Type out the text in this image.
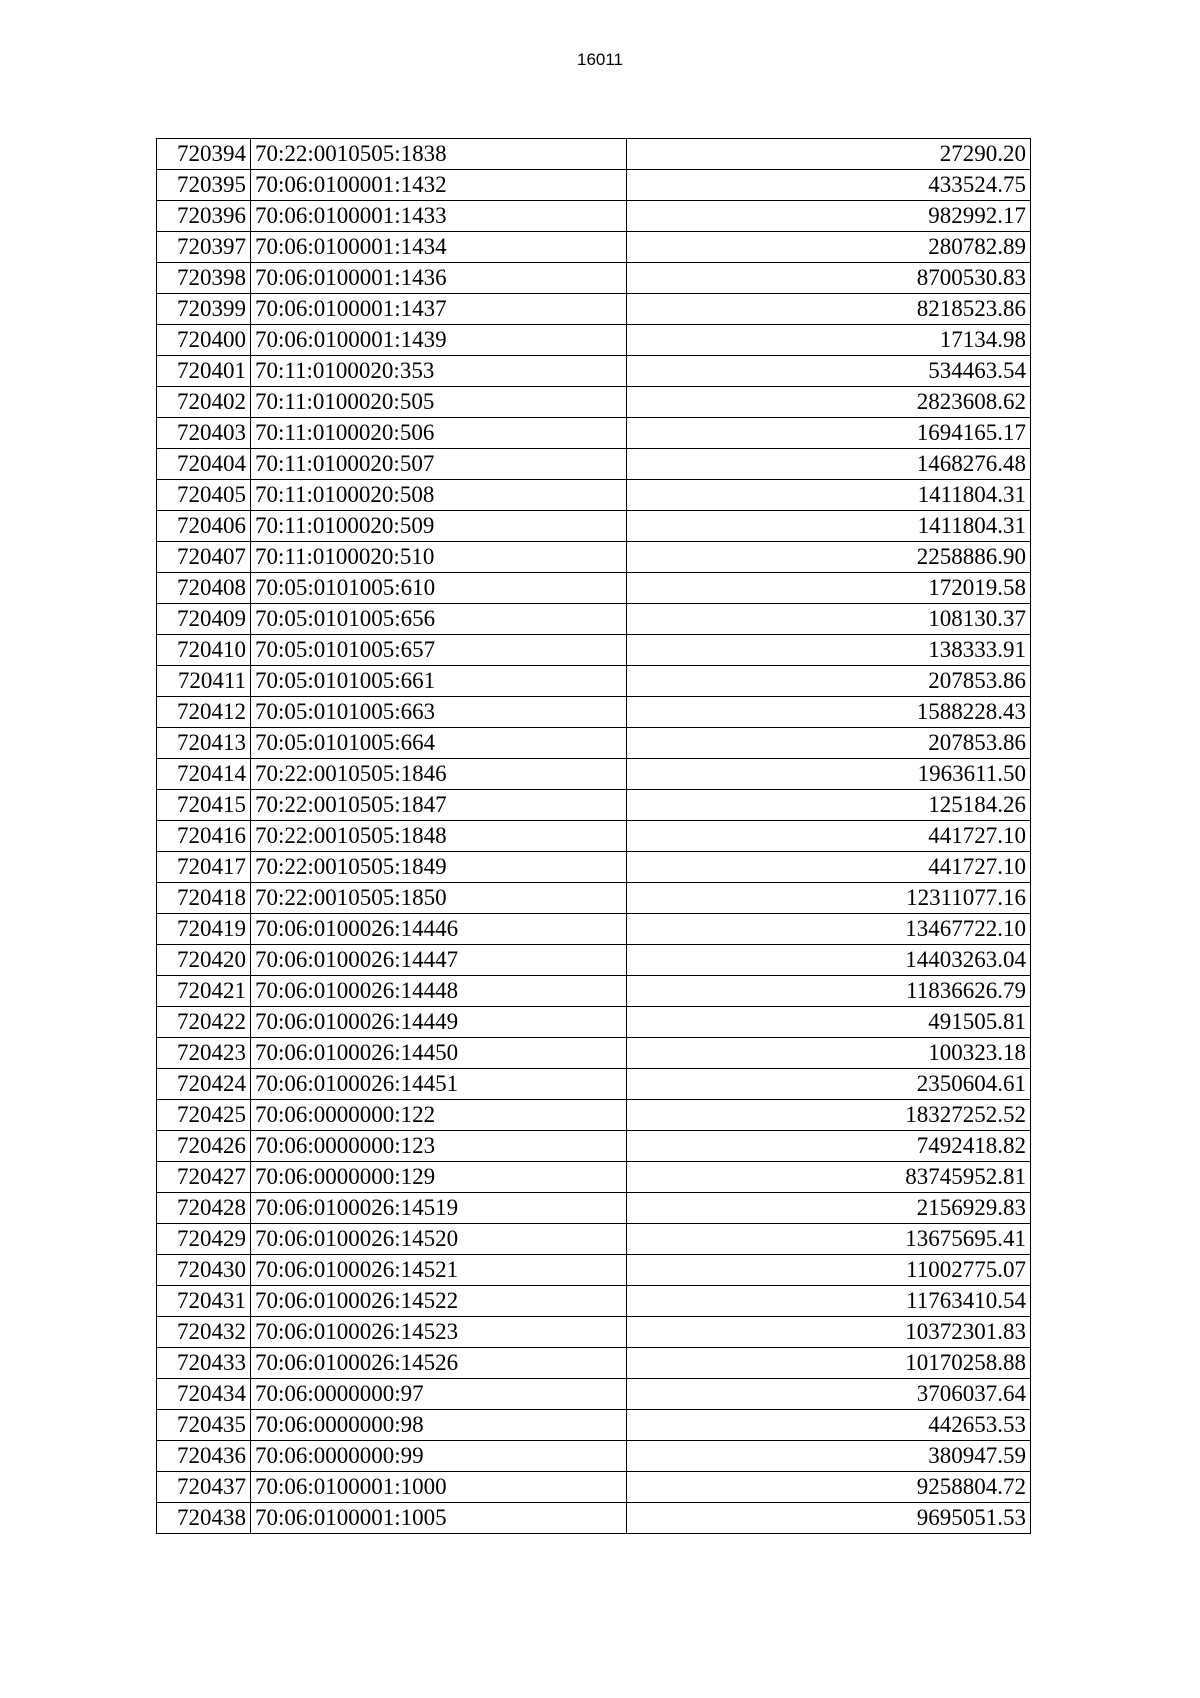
16011
720394	70:22:0010505:1838	27290.20
720395	70:06:0100001:1432	433524.75
720396	70:06:0100001:1433	982992.17
720397	70:06:0100001:1434	280782.89
720398	70:06:0100001:1436	8700530.83
720399	70:06:0100001:1437	8218523.86
720400	70:06:0100001:1439	17134.98
720401	70:11:0100020:353	534463.54
720402	70:11:0100020:505	2823608.62
720403	70:11:0100020:506	1694165.17
720404	70:11:0100020:507	1468276.48
720405	70:11:0100020:508	1411804.31
720406	70:11:0100020:509	1411804.31
720407	70:11:0100020:510	2258886.90
720408	70:05:0101005:610	172019.58
720409	70:05:0101005:656	108130.37
720410	70:05:0101005:657	138333.91
720411	70:05:0101005:661	207853.86
720412	70:05:0101005:663	1588228.43
720413	70:05:0101005:664	207853.86
720414	70:22:0010505:1846	1963611.50
720415	70:22:0010505:1847	125184.26
720416	70:22:0010505:1848	441727.10
720417	70:22:0010505:1849	441727.10
720418	70:22:0010505:1850	12311077.16
720419	70:06:0100026:14446	13467722.10
720420	70:06:0100026:14447	14403263.04
720421	70:06:0100026:14448	11836626.79
720422	70:06:0100026:14449	491505.81
720423	70:06:0100026:14450	100323.18
720424	70:06:0100026:14451	2350604.61
720425	70:06:0000000:122	18327252.52
720426	70:06:0000000:123	7492418.82
720427	70:06:0000000:129	83745952.81
720428	70:06:0100026:14519	2156929.83
720429	70:06:0100026:14520	13675695.41
720430	70:06:0100026:14521	11002775.07
720431	70:06:0100026:14522	11763410.54
720432	70:06:0100026:14523	10372301.83
720433	70:06:0100026:14526	10170258.88
720434	70:06:0000000:97	3706037.64
720435	70:06:0000000:98	442653.53
720436	70:06:0000000:99	380947.59
720437	70:06:0100001:1000	9258804.72
720438	70:06:0100001:1005	9695051.53
